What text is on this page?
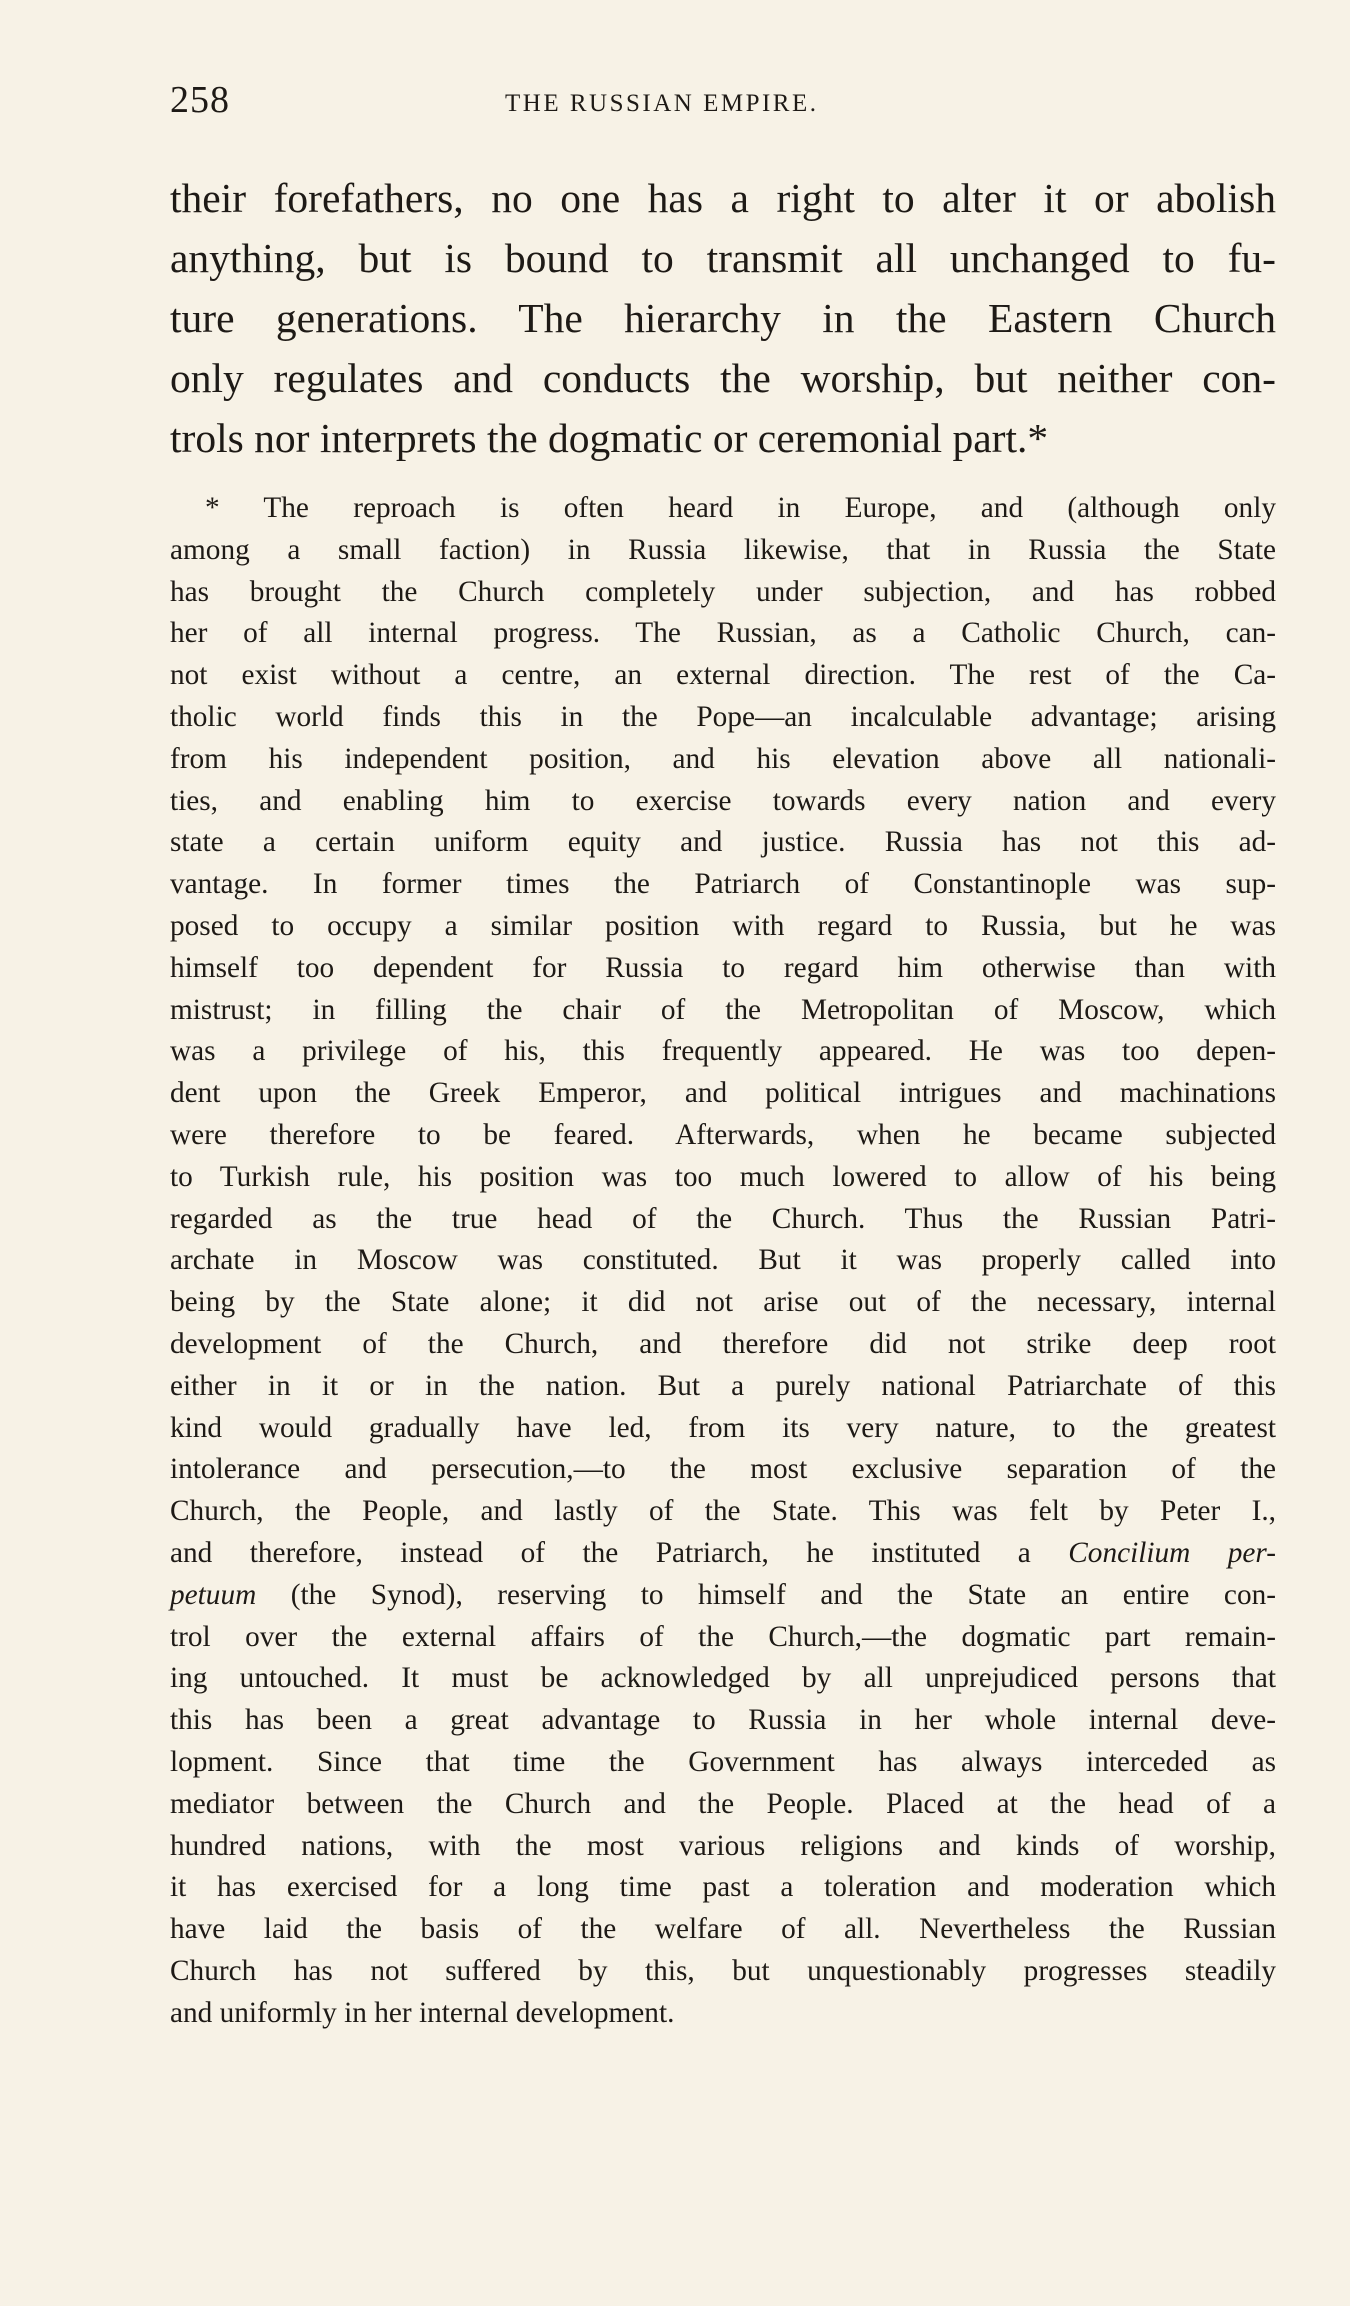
258	THE RUSSIAN EMPIRE.
their forefathers, no one has a right to alter it or abolish
anything, but is bound to transmit all unchanged to fu-
ture generations. The hierarchy in the Eastern Church
only regulates and conducts the worship, but neither con-
trols nor interprets the dogmatic or ceremonial part.*
* The reproach is often heard in Europe, and (although only
among a small faction) in Russia likewise, that in Russia the State
has brought the Church completely under subjection, and has robbed
her of all internal progress. The Russian, as a Catholic Church, can-
not exist without a centre, an external direction. The rest of the Ca-
tholic world finds this in the Pope—an incalculable advantage; arising
from his independent position, and his elevation above all nationali-
ties, and enabling him to exercise towards every nation and every
state a certain uniform equity and justice. Russia has not this ad-
vantage. In former times the Patriarch of Constantinople was sup-
posed to occupy a similar position with regard to Russia, but he was
himself too dependent for Russia to regard him otherwise than with
mistrust; in filling the chair of the Metropolitan of Moscow, which
was a privilege of his, this frequently appeared. He was too depen-
dent upon the Greek Emperor, and political intrigues and machinations
were therefore to be feared. Afterwards, when he became subjected
to Turkish rule, his position was too much lowered to allow of his being
regarded as the true head of the Church. Thus the Russian Patri-
archate in Moscow was constituted. But it was properly called into
being by the State alone; it did not arise out of the necessary, internal
development of the Church, and therefore did not strike deep root
either in it or in the nation. But a purely national Patriarchate of this
kind would gradually have led, from its very nature, to the greatest
intolerance and persecution,—to the most exclusive separation of the
Church, the People, and lastly of the State. This was felt by Peter I.,
and therefore, instead of the Patriarch, he instituted a Concilium per-
petuum (the Synod), reserving to himself and the State an entire con-
trol over the external affairs of the Church,—the dogmatic part remain-
ing untouched. It must be acknowledged by all unprejudiced persons that
this has been a great advantage to Russia in her whole internal deve-
lopment. Since that time the Government has always interceded as
mediator between the Church and the People. Placed at the head of a
hundred nations, with the most various religions and kinds of worship,
it has exercised for a long time past a toleration and moderation which
have laid the basis of the welfare of all. Nevertheless the Russian
Church has not suffered by this, but unquestionably progresses steadily
and uniformly in her internal development.
